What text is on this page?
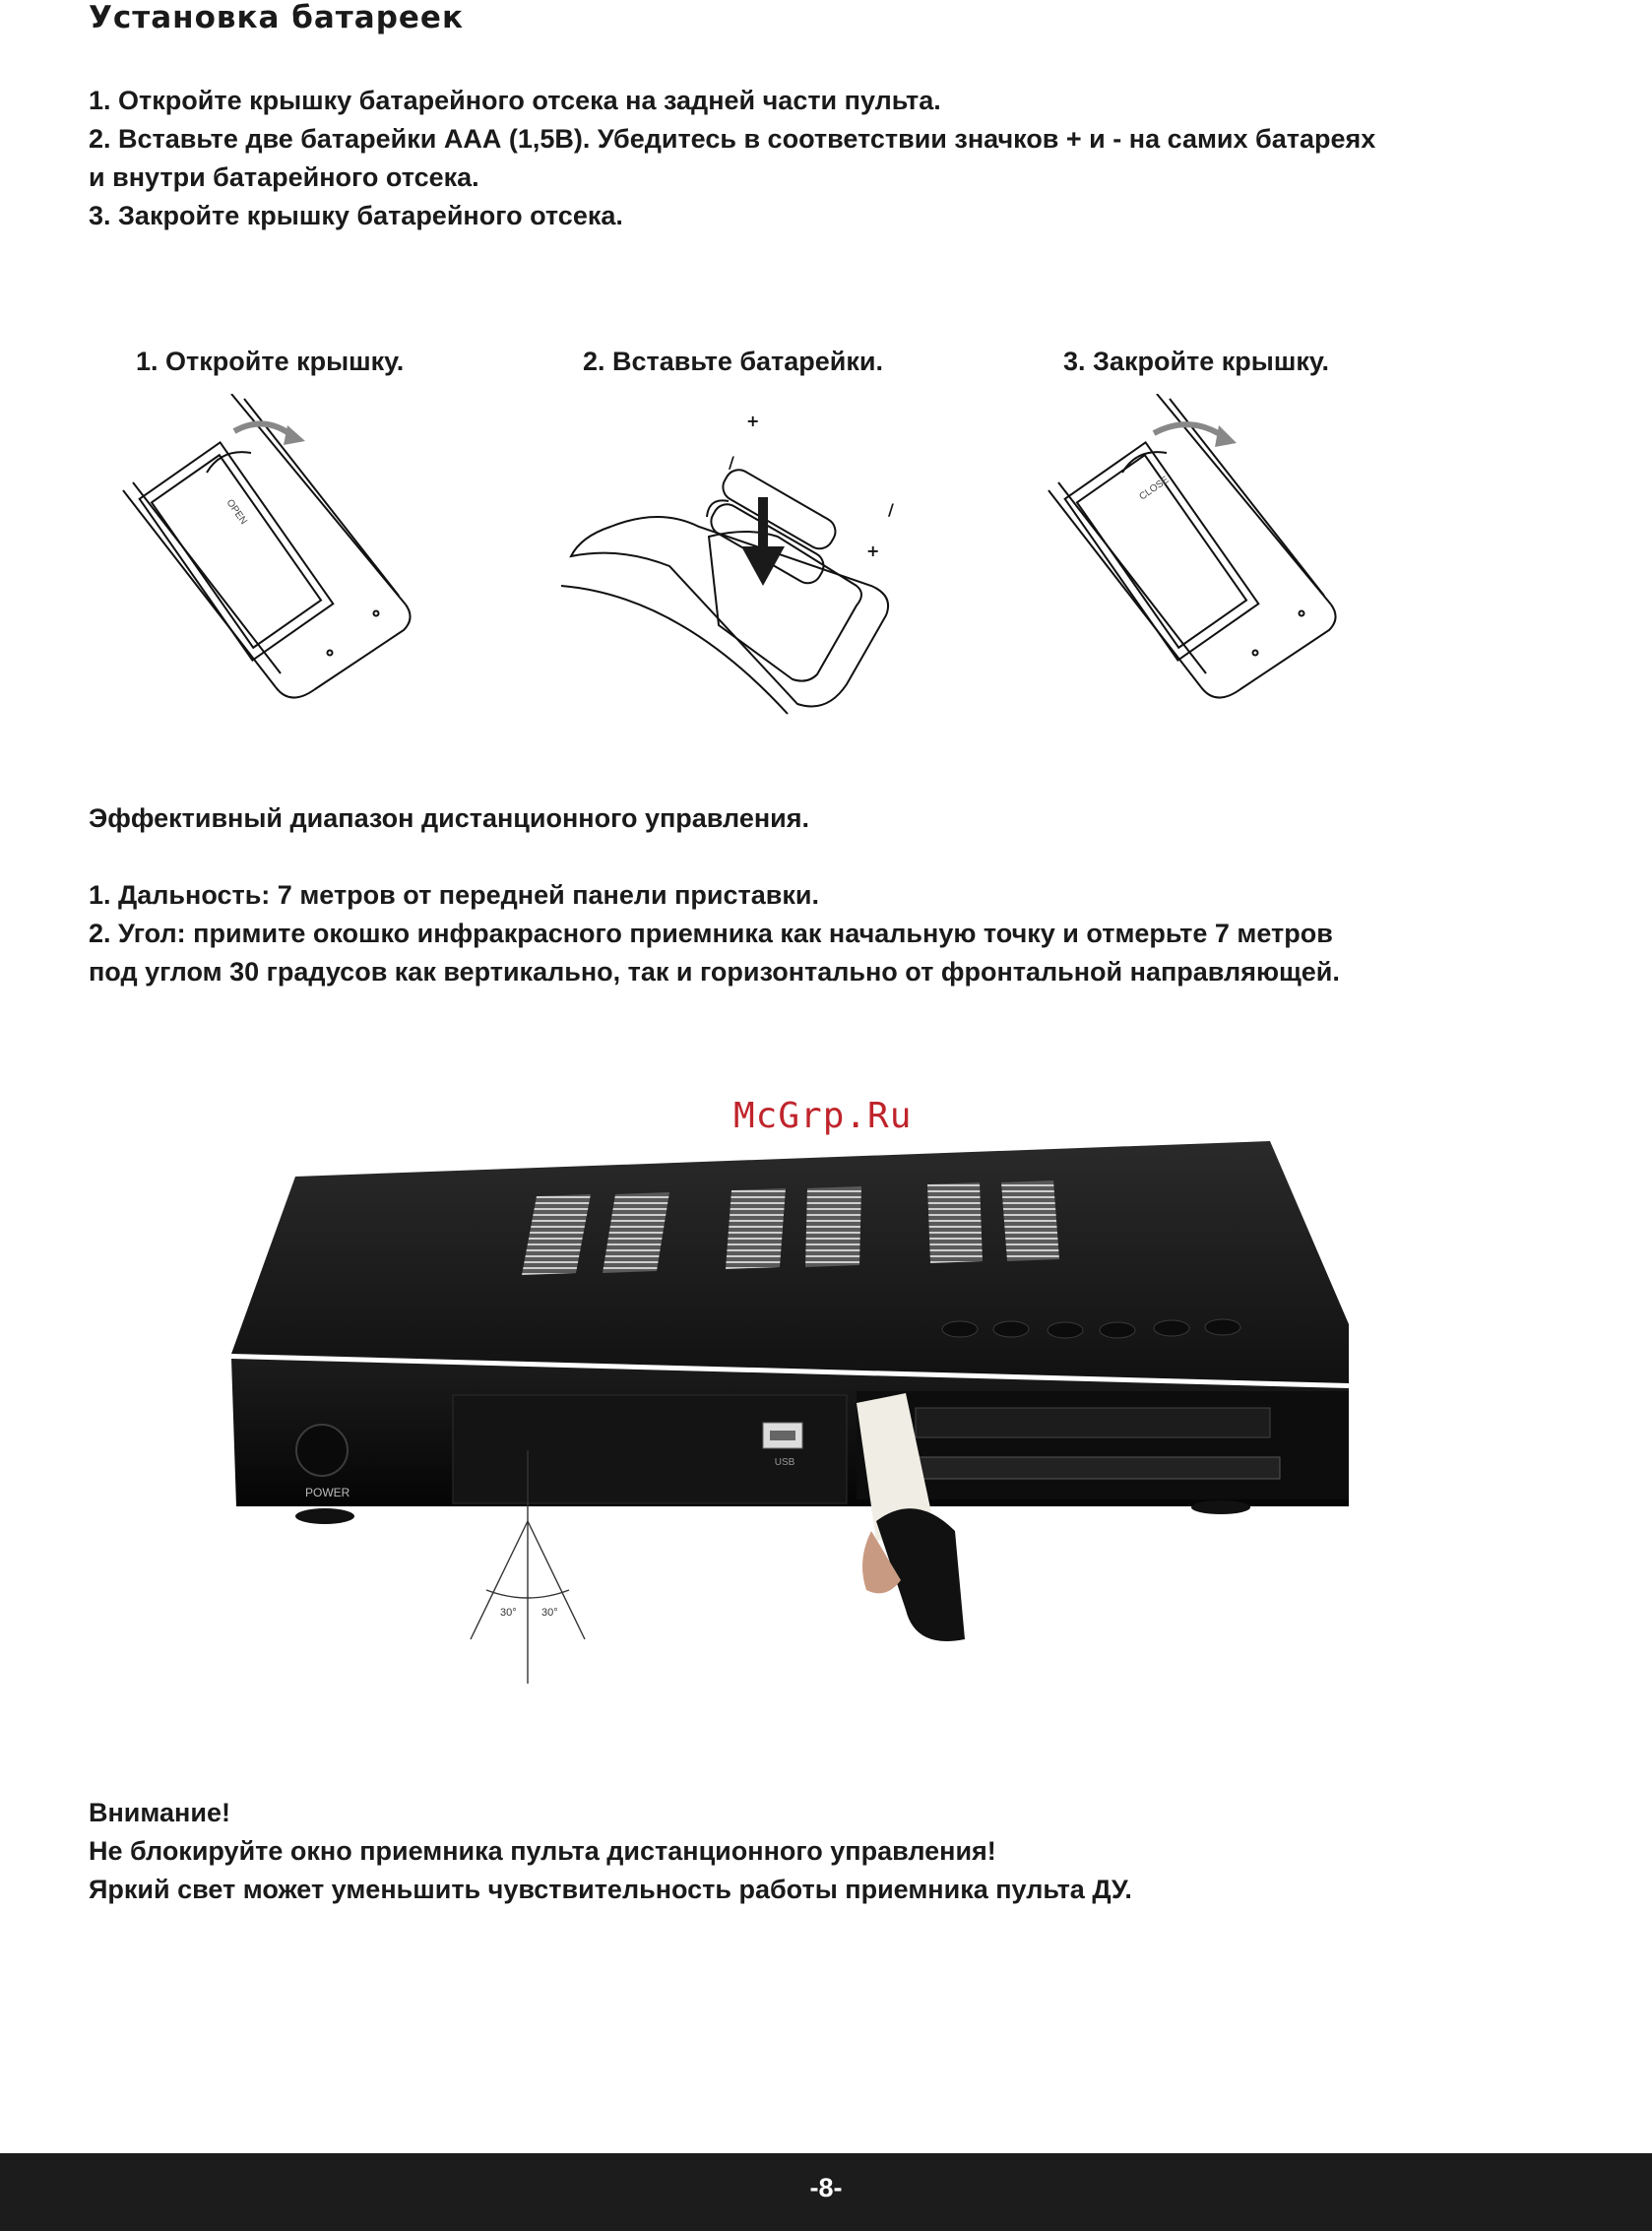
Установка батареек
1. Откройте крышку батарейного отсека на задней части пульта.
2. Вставьте две батарейки ААА (1,5В). Убедитесь в соответствии значков + и - на самих батареях
и внутри батарейного отсека.
3. Закройте крышку батарейного отсека.
1. Откройте крышку.	2. Вставьте батарейки.	3. Закройте крышку.
OPEN
+
/
/
+
CLOSE
Эффективный диапазон дистанционного управления.
1. Дальность: 7 метров от передней панели приставки.
2. Угол: примите окошко инфракрасного приемника как начальную точку и отмерьте 7 метров
под углом 30 градусов как вертикально, так и горизонтально от фронтальной направляющей.
McGrp.Ru
POWER
USB
30° 30°
Внимание!
Не блокируйте окно приемника пульта дистанционного управления!
Яркий свет может уменьшить чувствительность работы приемника пульта ДУ.
-8-
